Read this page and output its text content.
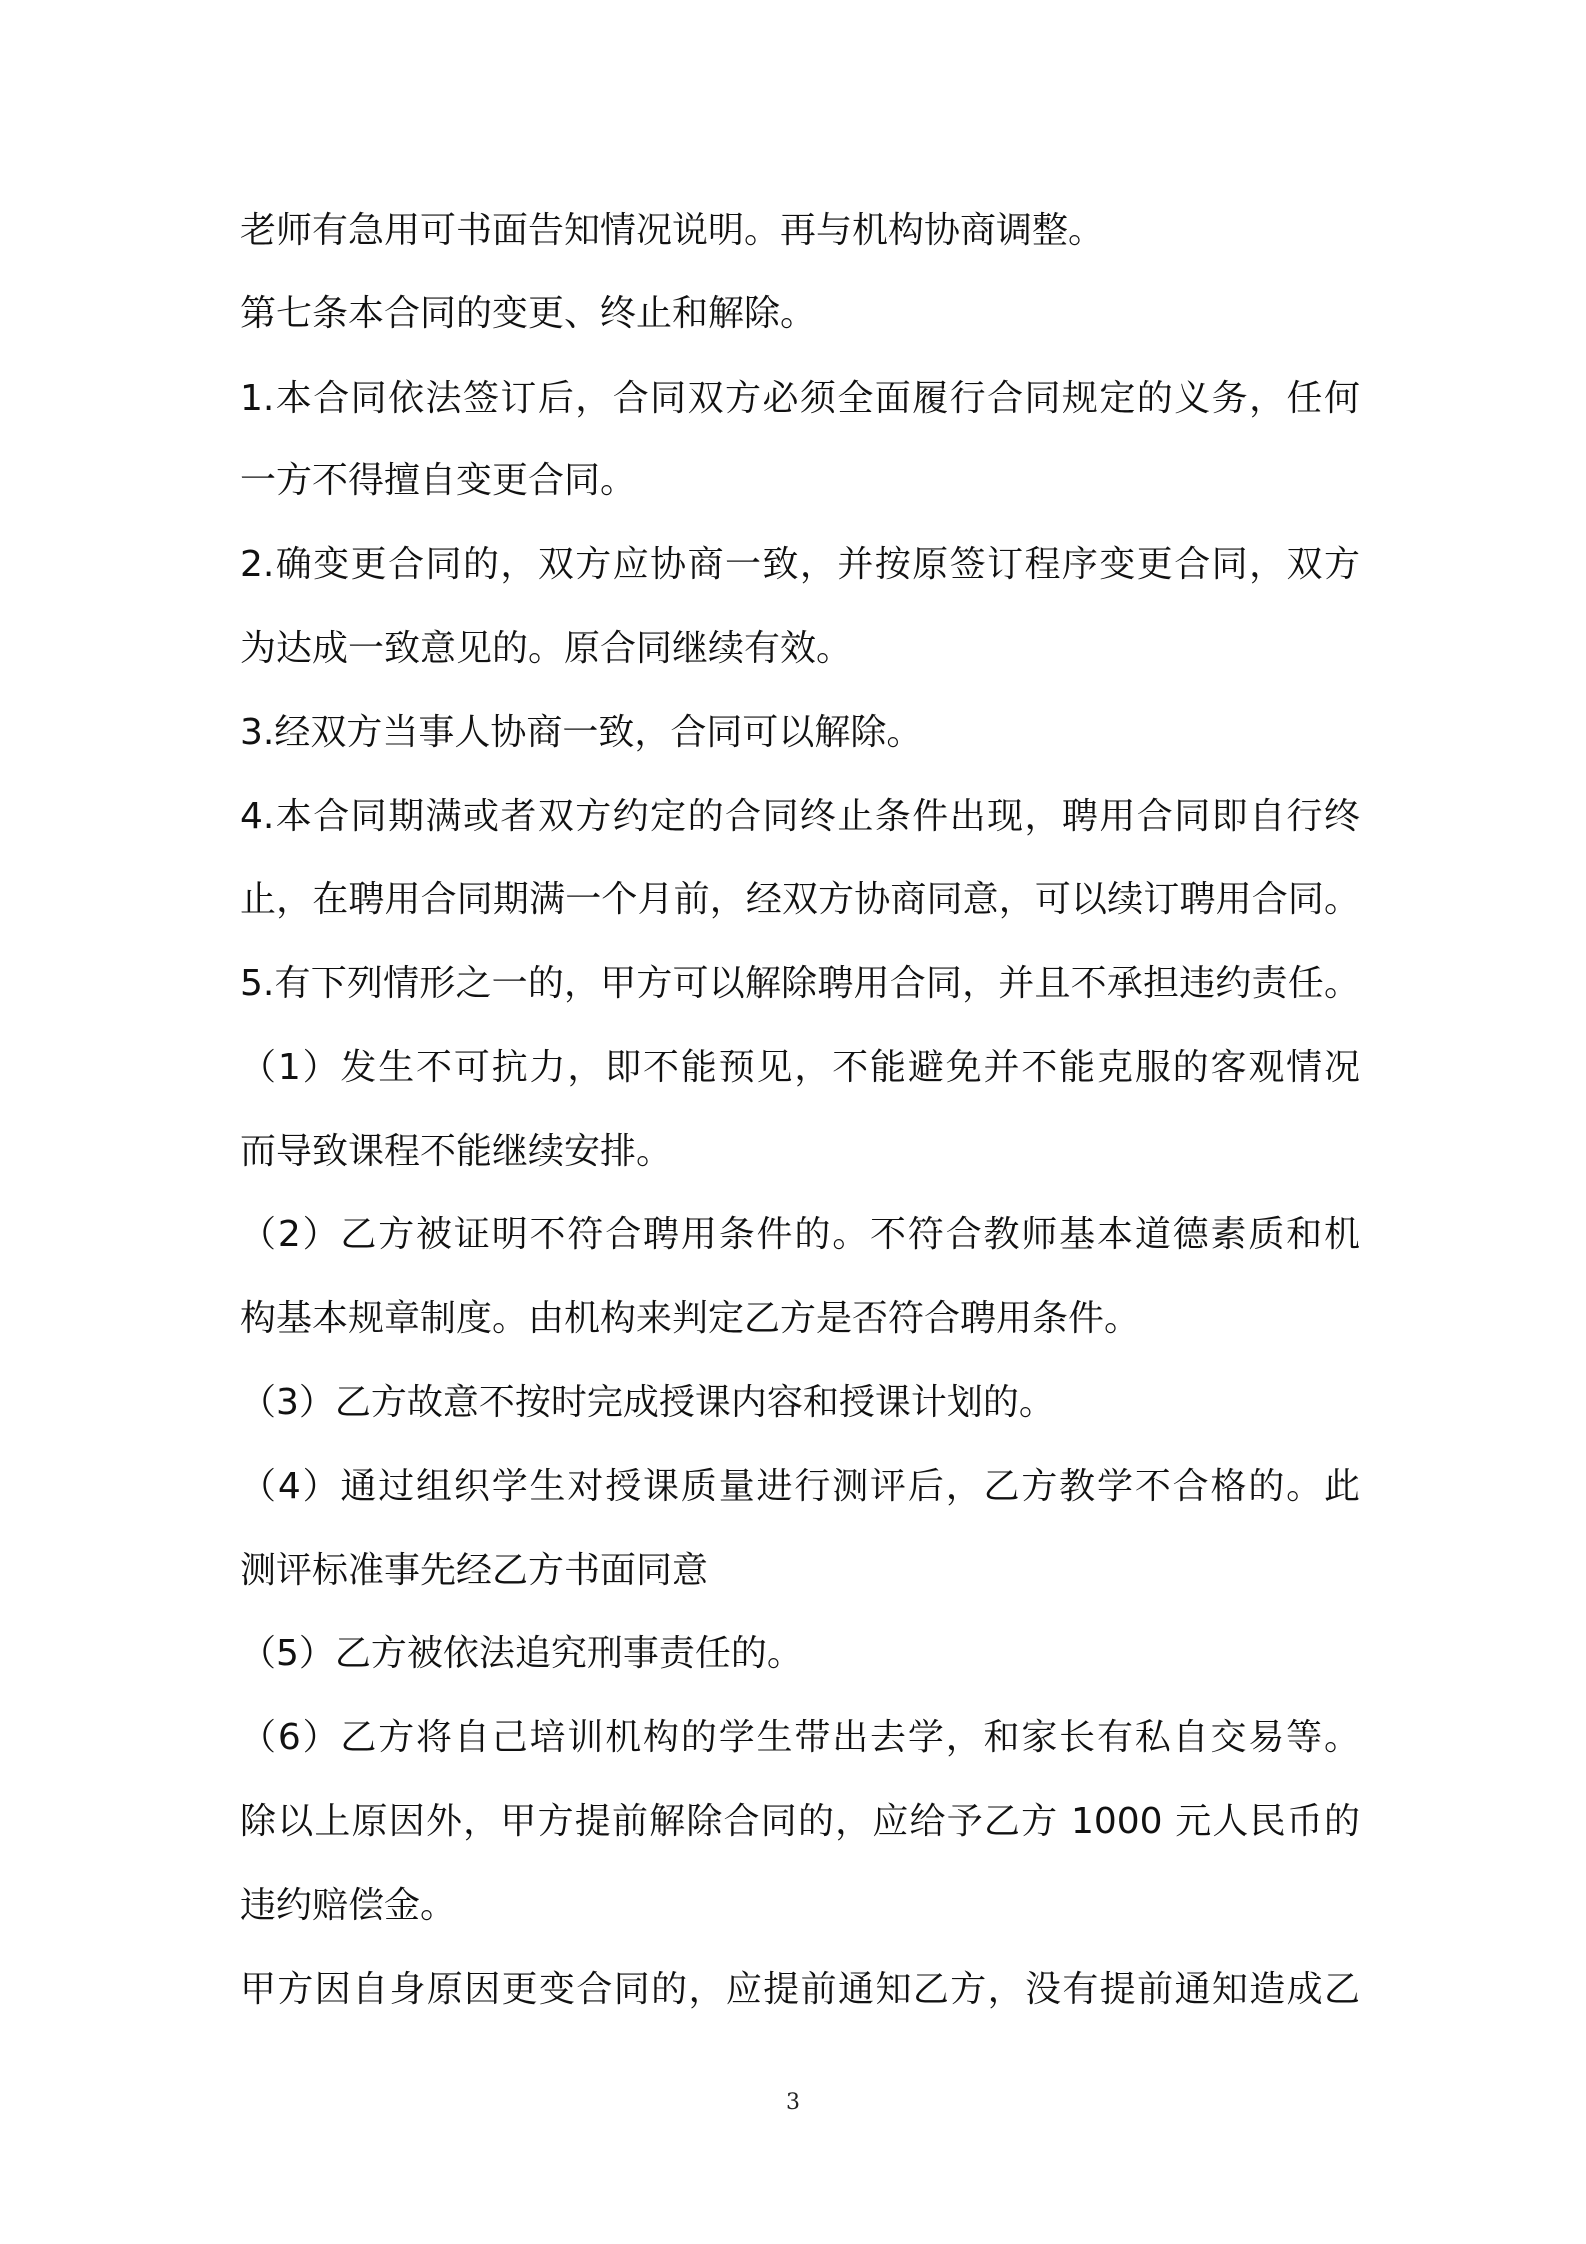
老师有急用可书面告知情况说明。再与机构协商调整。
第七条本合同的变更、终止和解除。
1.本合同依法签订后，合同双方必须全面履行合同规定的义务，任何
一方不得擅自变更合同。
2.确变更合同的，双方应协商一致，并按原签订程序变更合同，双方
为达成一致意见的。原合同继续有效。
3.经双方当事人协商一致，合同可以解除。
4.本合同期满或者双方约定的合同终止条件出现，聘用合同即自行终
止，在聘用合同期满一个月前，经双方协商同意，可以续订聘用合同。
5.有下列情形之一的，甲方可以解除聘用合同，并且不承担违约责任。
（1）发生不可抗力，即不能预见，不能避免并不能克服的客观情况
而导致课程不能继续安排。
（2）乙方被证明不符合聘用条件的。不符合教师基本道德素质和机
构基本规章制度。由机构来判定乙方是否符合聘用条件。
（3）乙方故意不按时完成授课内容和授课计划的。
（4）通过组织学生对授课质量进行测评后，乙方教学不合格的。此
测评标准事先经乙方书面同意
（5）乙方被依法追究刑事责任的。
（6）乙方将自己培训机构的学生带出去学，和家长有私自交易等。
除以上原因外，甲方提前解除合同的，应给予乙方 1000 元人民币的
违约赔偿金。
甲方因自身原因更变合同的，应提前通知乙方，没有提前通知造成乙
3
